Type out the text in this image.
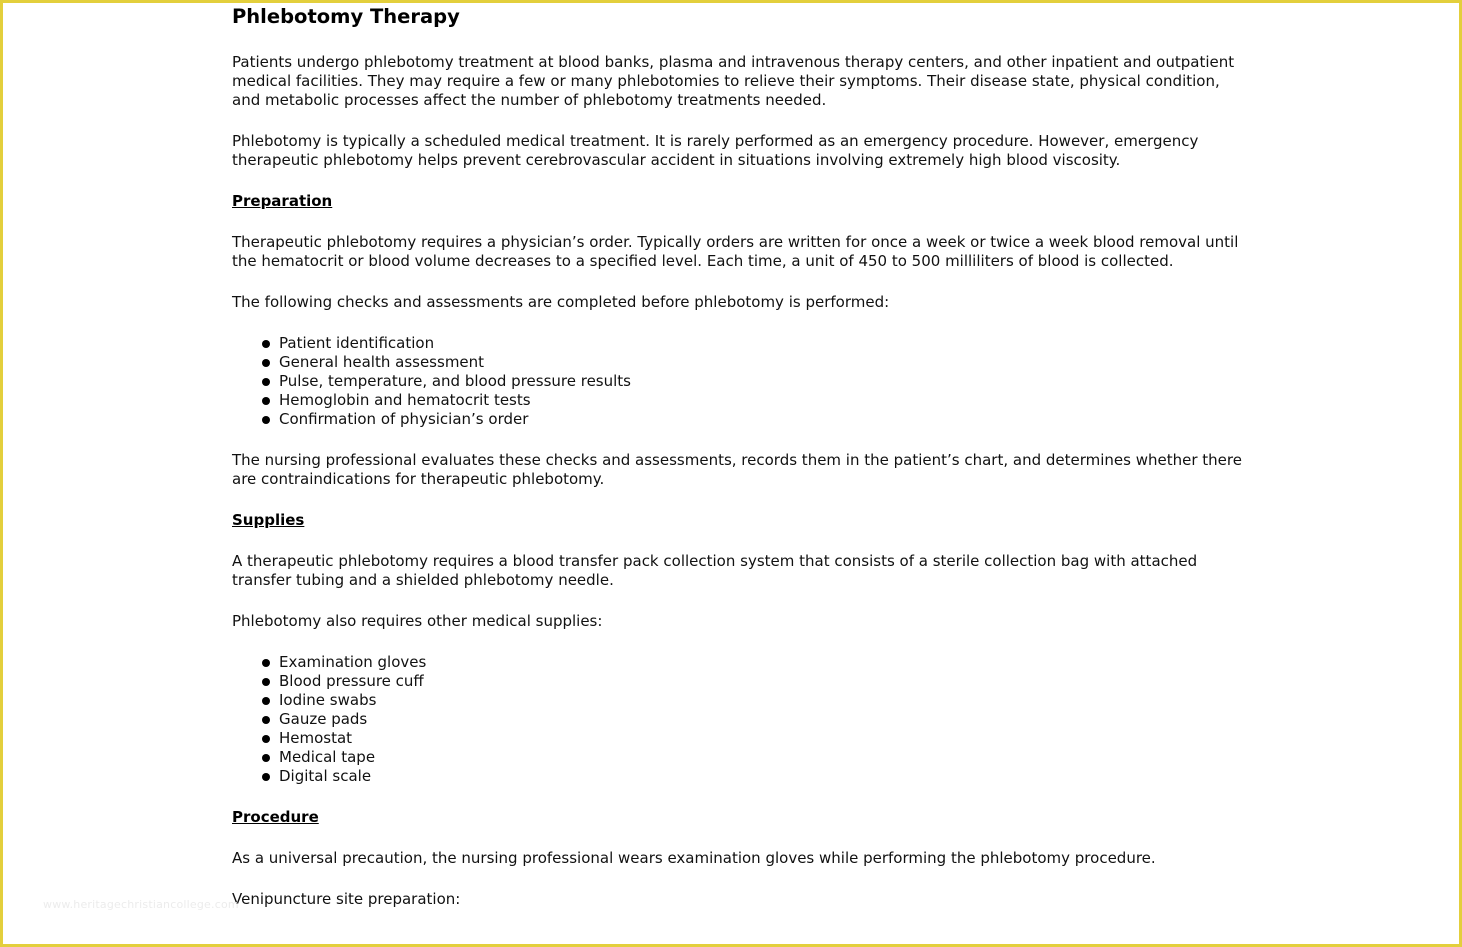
Phlebotomy Therapy

Patients undergo phlebotomy treatment at blood banks, plasma and intravenous therapy centers, and other inpatient and outpatient medical facilities. They may require a few or many phlebotomies to relieve their symptoms. Their disease state, physical condition, and metabolic processes affect the number of phlebotomy treatments needed.

Phlebotomy is typically a scheduled medical treatment. It is rarely performed as an emergency procedure. However, emergency therapeutic phlebotomy helps prevent cerebrovascular accident in situations involving extremely high blood viscosity.

Preparation

Therapeutic phlebotomy requires a physician’s order. Typically orders are written for once a week or twice a week blood removal until the hematocrit or blood volume decreases to a specified level. Each time, a unit of 450 to 500 milliliters of blood is collected.

The following checks and assessments are completed before phlebotomy is performed:

Patient identification
General health assessment
Pulse, temperature, and blood pressure results
Hemoglobin and hematocrit tests
Confirmation of physician’s order

The nursing professional evaluates these checks and assessments, records them in the patient’s chart, and determines whether there are contraindications for therapeutic phlebotomy.

Supplies

A therapeutic phlebotomy requires a blood transfer pack collection system that consists of a sterile collection bag with attached transfer tubing and a shielded phlebotomy needle.

Phlebotomy also requires other medical supplies:

Examination gloves
Blood pressure cuff
Iodine swabs
Gauze pads
Hemostat
Medical tape
Digital scale
Procedure

As a universal precaution, the nursing professional wears examination gloves while performing the phlebotomy procedure.

Venipuncture site preparation:

www.heritagechristiancollege.com
